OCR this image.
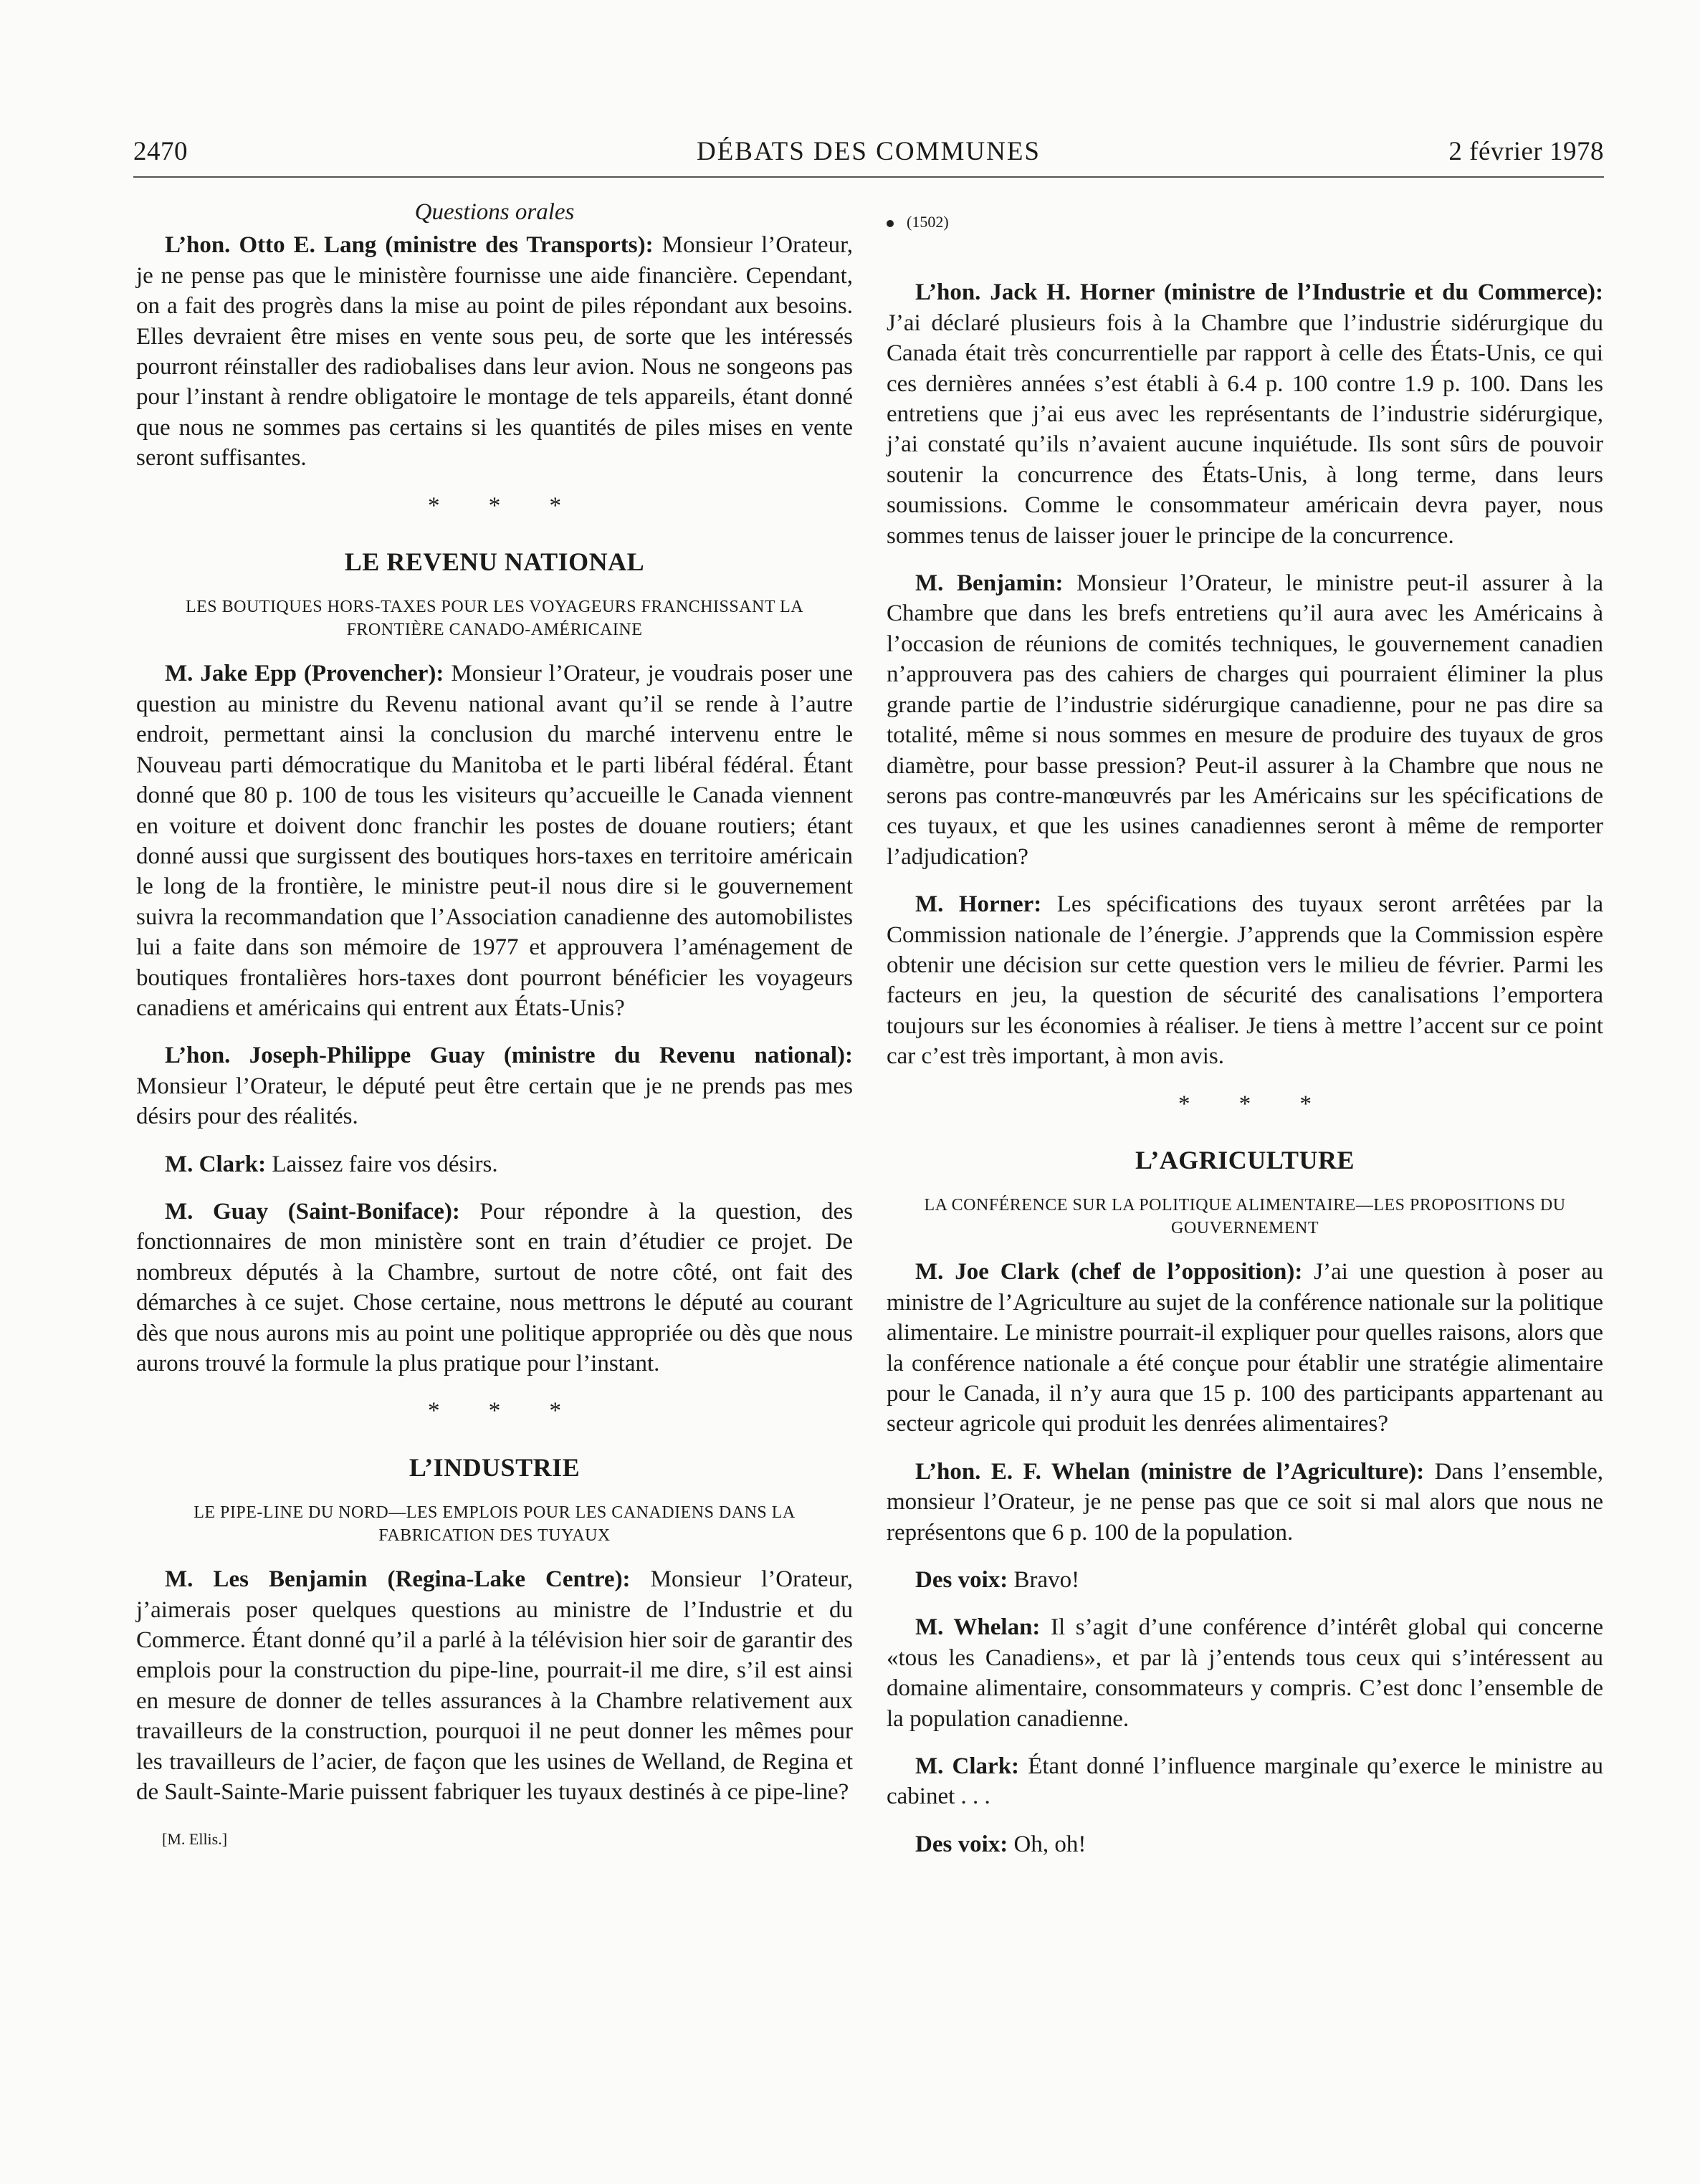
2470	DÉBATS DES COMMUNES	2 février 1978
Questions orales

L’hon. Otto E. Lang (ministre des Transports): Monsieur l’Orateur, je ne pense pas que le ministère fournisse une aide financière. Cependant, on a fait des progrès dans la mise au point de piles répondant aux besoins. Elles devraient être mises en vente sous peu, de sorte que les intéressés pourront réinstaller des radiobalises dans leur avion. Nous ne songeons pas pour l’instant à rendre obligatoire le montage de tels appareils, étant donné que nous ne sommes pas certains si les quantités de piles mises en vente seront suffisantes.

* * *
LE REVENU NATIONAL
LES BOUTIQUES HORS-TAXES POUR LES VOYAGEURS FRANCHISSANT LA FRONTIÈRE CANADO-AMÉRICAINE

M. Jake Epp (Provencher): Monsieur l’Orateur, je voudrais poser une question au ministre du Revenu national avant qu’il se rende à l’autre endroit, permettant ainsi la conclusion du marché intervenu entre le Nouveau parti démocratique du Manitoba et le parti libéral fédéral. Étant donné que 80 p. 100 de tous les visiteurs qu’accueille le Canada viennent en voiture et doivent donc franchir les postes de douane routiers; étant donné aussi que surgissent des boutiques hors-taxes en territoire américain le long de la frontière, le ministre peut-il nous dire si le gouvernement suivra la recommandation que l’Association canadienne des automobilistes lui a faite dans son mémoire de 1977 et approuvera l’aménagement de boutiques frontalières hors-taxes dont pourront bénéficier les voyageurs canadiens et américains qui entrent aux États-Unis?

L’hon. Joseph-Philippe Guay (ministre du Revenu national): Monsieur l’Orateur, le député peut être certain que je ne prends pas mes désirs pour des réalités.

M. Clark: Laissez faire vos désirs.

M. Guay (Saint-Boniface): Pour répondre à la question, des fonctionnaires de mon ministère sont en train d’étudier ce projet. De nombreux députés à la Chambre, surtout de notre côté, ont fait des démarches à ce sujet. Chose certaine, nous mettrons le député au courant dès que nous aurons mis au point une politique appropriée ou dès que nous aurons trouvé la formule la plus pratique pour l’instant.

* * *
L’INDUSTRIE
LE PIPE-LINE DU NORD—LES EMPLOIS POUR LES CANADIENS DANS LA FABRICATION DES TUYAUX

M. Les Benjamin (Regina-Lake Centre): Monsieur l’Orateur, j’aimerais poser quelques questions au ministre de l’Industrie et du Commerce. Étant donné qu’il a parlé à la télévision hier soir de garantir des emplois pour la construction du pipe-line, pourrait-il me dire, s’il est ainsi en mesure de donner de telles assurances à la Chambre relativement aux travailleurs de la construction, pourquoi il ne peut donner les mêmes pour les travailleurs de l’acier, de façon que les usines de Welland, de Regina et de Sault-Sainte-Marie puissent fabriquer les tuyaux destinés à ce pipe-line?

[M. Ellis.]
(1502)

L’hon. Jack H. Horner (ministre de l’Industrie et du Commerce): J’ai déclaré plusieurs fois à la Chambre que l’industrie sidérurgique du Canada était très concurrentielle par rapport à celle des États-Unis, ce qui ces dernières années s’est établi à 6.4 p. 100 contre 1.9 p. 100. Dans les entretiens que j’ai eus avec les représentants de l’industrie sidérurgique, j’ai constaté qu’ils n’avaient aucune inquiétude. Ils sont sûrs de pouvoir soutenir la concurrence des États-Unis, à long terme, dans leurs soumissions. Comme le consommateur américain devra payer, nous sommes tenus de laisser jouer le principe de la concurrence.

M. Benjamin: Monsieur l’Orateur, le ministre peut-il assurer à la Chambre que dans les brefs entretiens qu’il aura avec les Américains à l’occasion de réunions de comités techniques, le gouvernement canadien n’approuvera pas des cahiers de charges qui pourraient éliminer la plus grande partie de l’industrie sidérurgique canadienne, pour ne pas dire sa totalité, même si nous sommes en mesure de produire des tuyaux de gros diamètre, pour basse pression? Peut-il assurer à la Chambre que nous ne serons pas contre-manœuvrés par les Américains sur les spécifications de ces tuyaux, et que les usines canadiennes seront à même de remporter l’adjudication?

M. Horner: Les spécifications des tuyaux seront arrêtées par la Commission nationale de l’énergie. J’apprends que la Commission espère obtenir une décision sur cette question vers le milieu de février. Parmi les facteurs en jeu, la question de sécurité des canalisations l’emportera toujours sur les économies à réaliser. Je tiens à mettre l’accent sur ce point car c’est très important, à mon avis.

* * *
L’AGRICULTURE
LA CONFÉRENCE SUR LA POLITIQUE ALIMENTAIRE—LES PROPOSITIONS DU GOUVERNEMENT

M. Joe Clark (chef de l’opposition): J’ai une question à poser au ministre de l’Agriculture au sujet de la conférence nationale sur la politique alimentaire. Le ministre pourrait-il expliquer pour quelles raisons, alors que la conférence nationale a été conçue pour établir une stratégie alimentaire pour le Canada, il n’y aura que 15 p. 100 des participants appartenant au secteur agricole qui produit les denrées alimentaires?

L’hon. E. F. Whelan (ministre de l’Agriculture): Dans l’ensemble, monsieur l’Orateur, je ne pense pas que ce soit si mal alors que nous ne représentons que 6 p. 100 de la population.

Des voix: Bravo!

M. Whelan: Il s’agit d’une conférence d’intérêt global qui concerne «tous les Canadiens», et par là j’entends tous ceux qui s’intéressent au domaine alimentaire, consommateurs y compris. C’est donc l’ensemble de la population canadienne.

M. Clark: Étant donné l’influence marginale qu’exerce le ministre au cabinet . . .

Des voix: Oh, oh!
